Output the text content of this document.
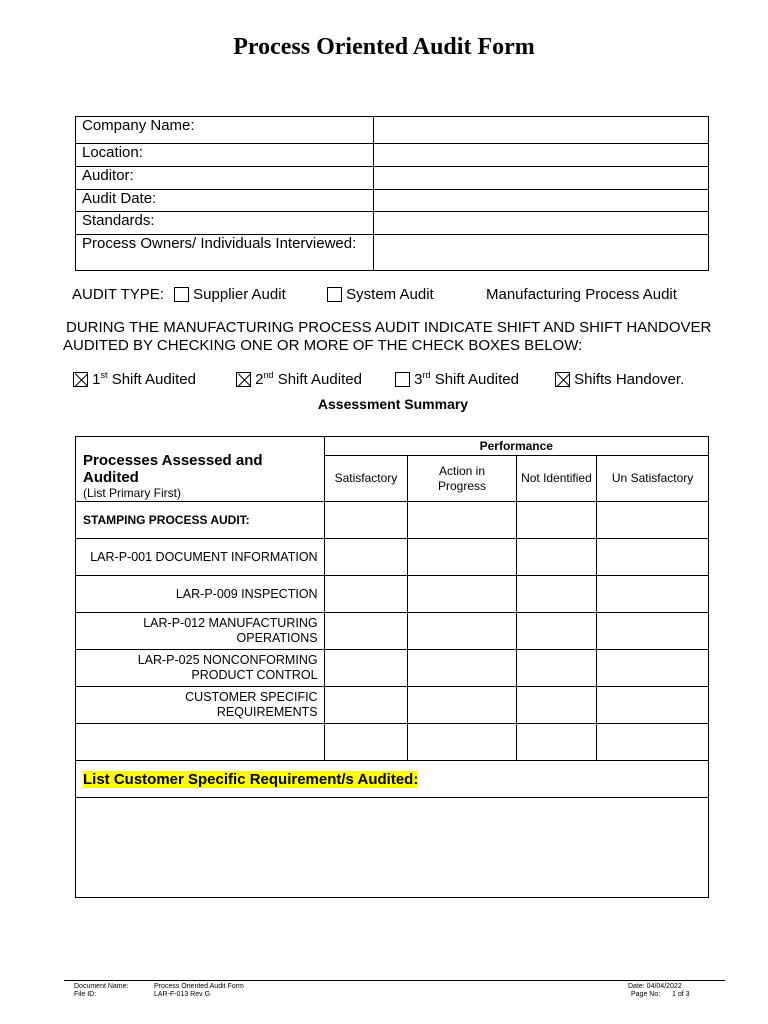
Process Oriented Audit Form
Company Name:	
Location:	
Auditor:	
Audit Date:	
Standards:	
Process Owners/ Individuals Interviewed:	
AUDIT TYPE:	Supplier Audit	System Audit	Manufacturing Process Audit
DURING THE MANUFACTURING PROCESS AUDIT INDICATE SHIFT AND SHIFT HANDOVER
AUDITED BY CHECKING ONE OR MORE OF THE CHECK BOXES BELOW:
1st Shift Audited	2nd Shift Audited	3rd Shift Audited	Shifts Handover.
Assessment Summary
Processes Assessed and Audited
(List Primary First)	Performance			
	Satisfactory	Action in Progress	Not Identified	Un Satisfactory
STAMPING PROCESS AUDIT:				
LAR-P-001 DOCUMENT INFORMATION				
LAR-P-009 INSPECTION				
LAR-P-012 MANUFACTURING OPERATIONS				
LAR-P-025 NONCONFORMING PRODUCT CONTROL				
CUSTOMER SPECIFIC REQUIREMENTS				

List Customer Specific Requirement/s Audited:				

Document Name:	Process Oriented Audit Form
File ID:	LAR-F-013 Rev G
Date: 04/04/2022
Page No: 1 of 3
